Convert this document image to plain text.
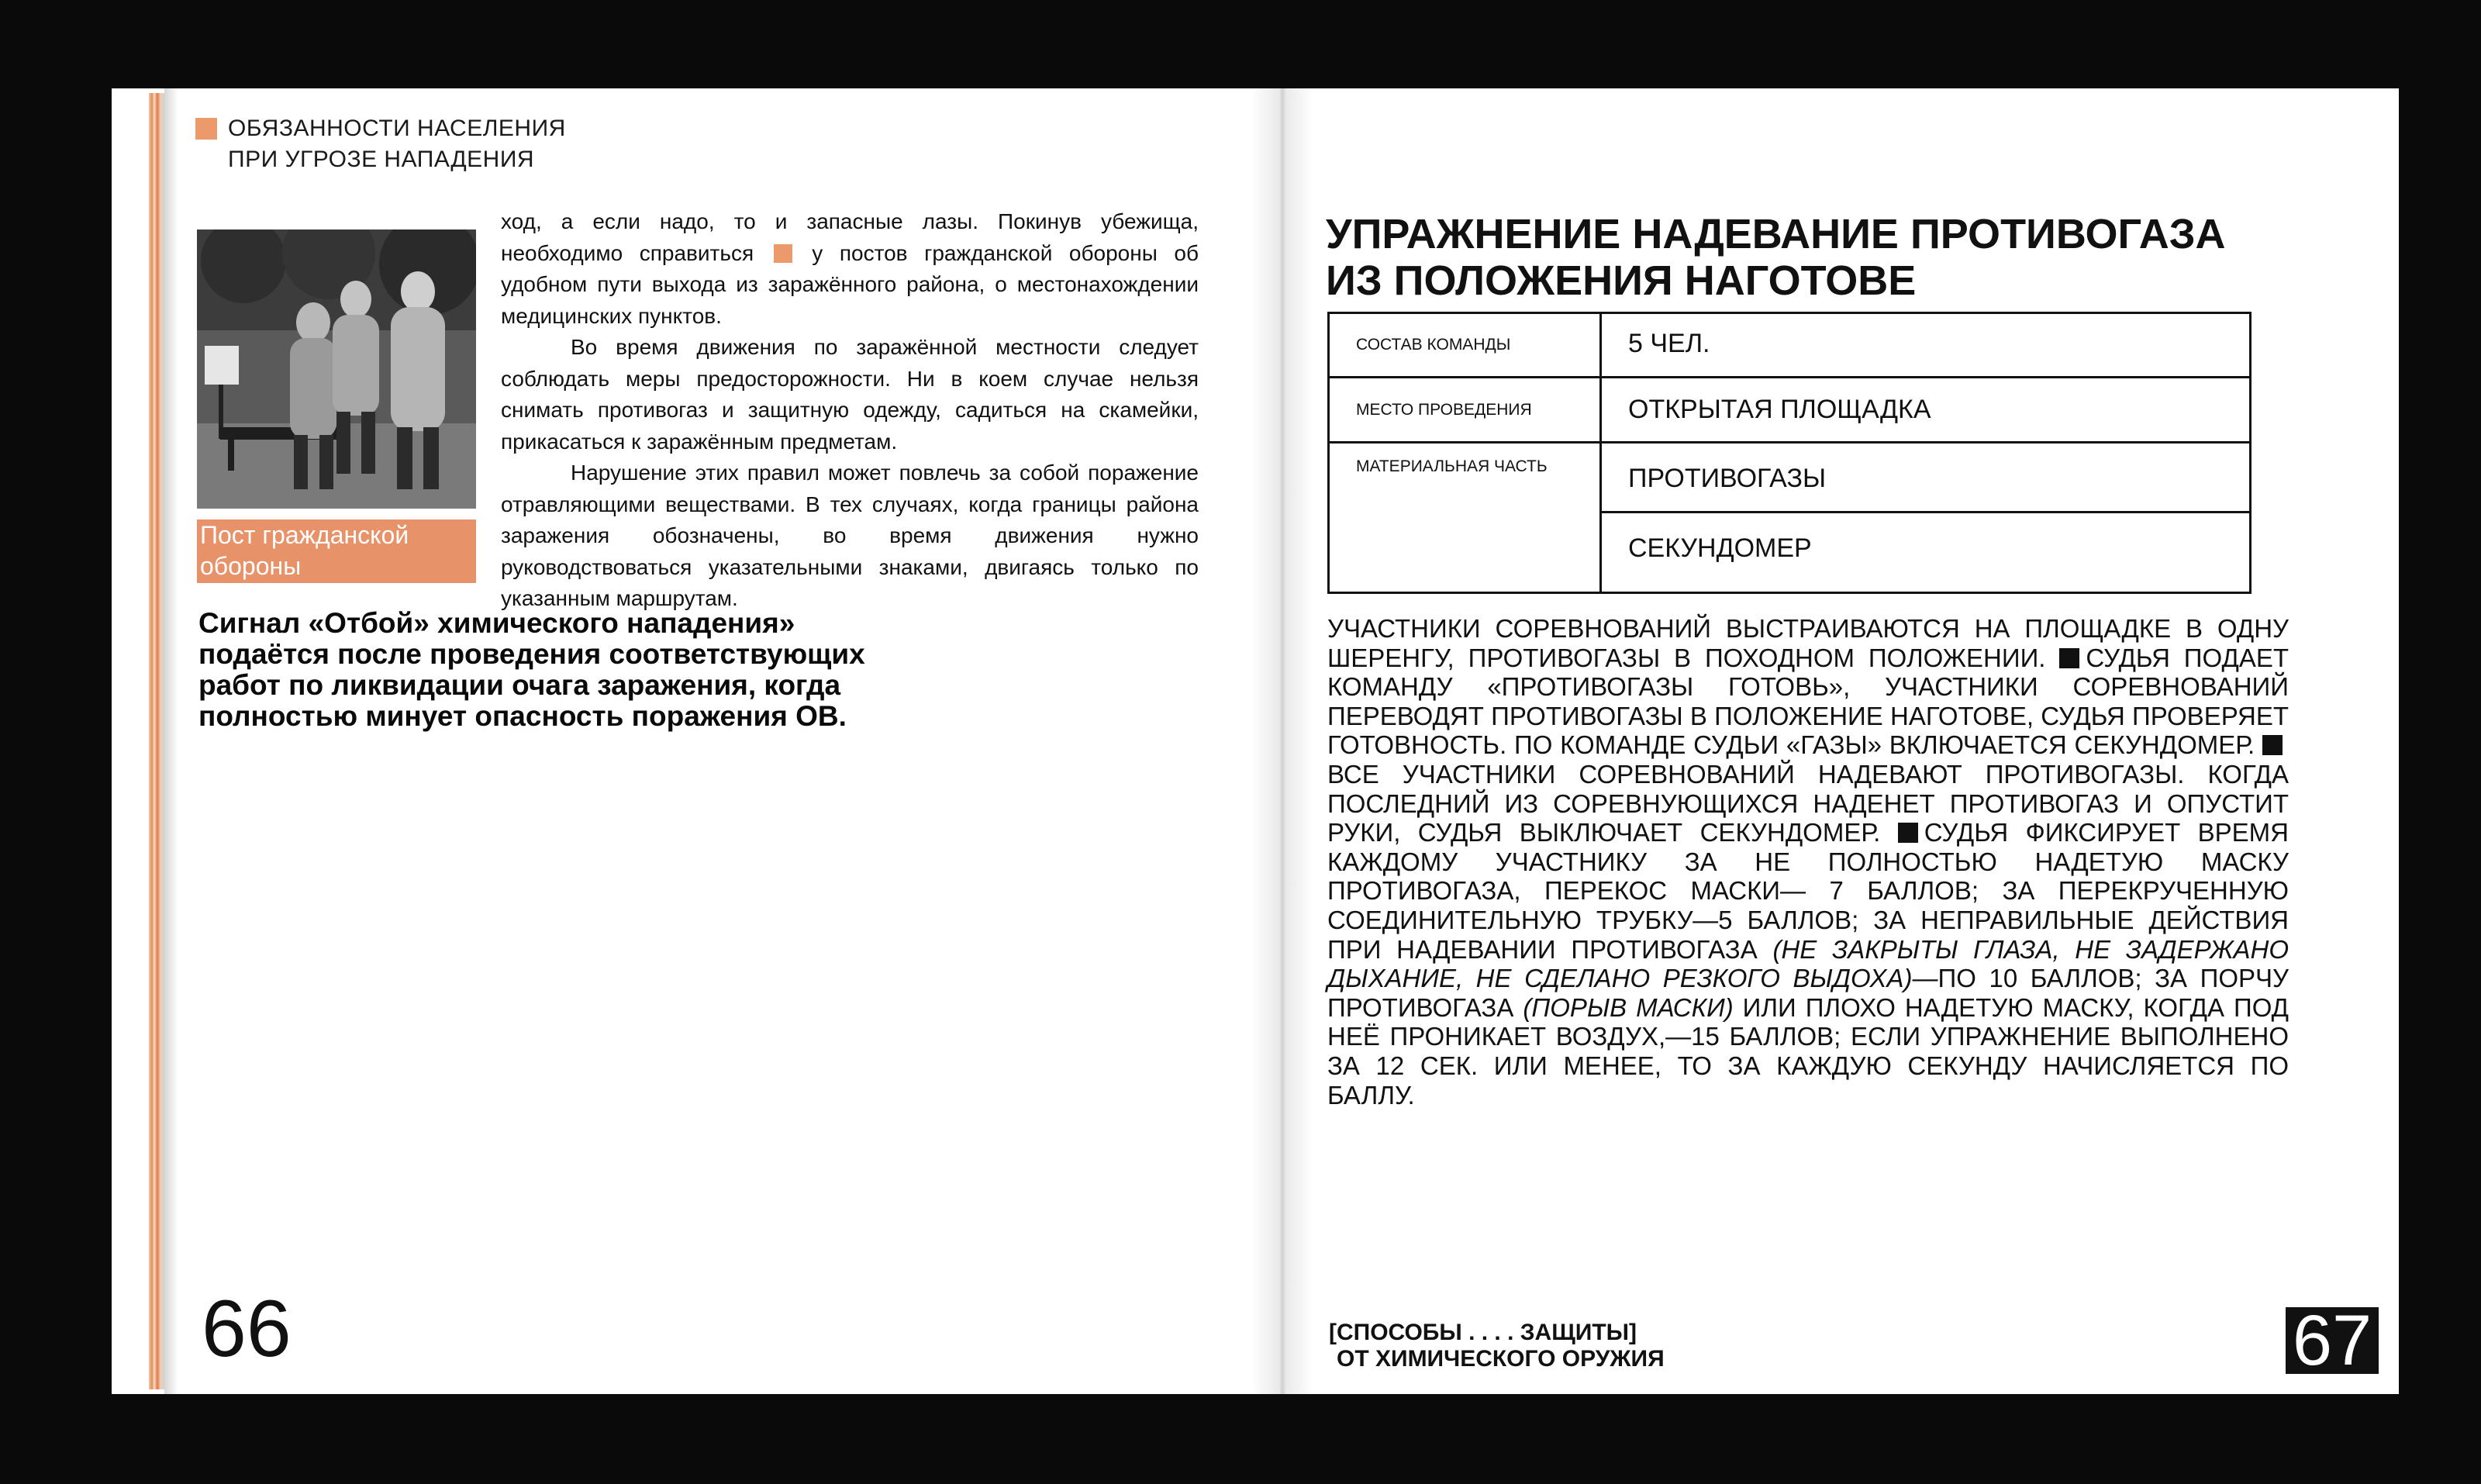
ОБЯЗАННОСТИ НАСЕЛЕНИЯ
ПРИ УГРОЗЕ НАПАДЕНИЯ
Пост гражданской
обороны

ход, а если надо, то и запасные лазы. Покинув убежища, необходимо справиться	у постов гражданской обороны об удобном пути выхода из заражённого района, о местонахождении медицинских пунктов.

Во время движения по заражённой местности следует соблюдать меры предосторожности. Ни в коем случае нельзя снимать противогаз и защитную одежду, садиться на скамейки, прикасаться к заражённым предметам.

Нарушение этих правил может повлечь за собой поражение отравляющими веществами. В тех случаях, когда границы района заражения обозначены, во время движения нужно руководствоваться указательными знаками, двигаясь только по указанным маршрутам.

Сигнал «Отбой» химического нападения»
подаётся после проведения соответствующих
работ по ликвидации очага заражения, когда
полностью минует опасность поражения ОВ.
66
УПРАЖНЕНИЕ НАДЕВАНИЕ ПРОТИВОГАЗА
ИЗ ПОЛОЖЕНИЯ НАГОТОВЕ
СОСТАВ КОМАНДЫ	5 ЧЕЛ.
МЕСТО ПРОВЕДЕНИЯ	ОТКРЫТАЯ ПЛОЩАДКА
МАТЕРИАЛЬНАЯ ЧАСТЬ	ПРОТИВОГАЗЫ
СЕКУНДОМЕР
УЧАСТНИКИ СОРЕВНОВАНИЙ ВЫСТРАИВАЮТСЯ НА ПЛОЩАДКЕ В ОДНУ ШЕРЕНГУ, ПРОТИВОГАЗЫ В ПОХОДНОМ ПОЛОЖЕНИИ. СУДЬЯ ПОДАЕТ КОМАНДУ «ПРОТИВОГАЗЫ ГОТОВЬ», УЧАСТНИКИ СОРЕВНОВАНИЙ ПЕРЕВОДЯТ ПРОТИВОГАЗЫ В ПОЛОЖЕНИЕ НАГОТОВЕ, СУДЬЯ ПРОВЕРЯЕТ ГОТОВНОСТЬ. ПО КОМАНДЕ СУДЬИ «ГАЗЫ» ВКЛЮЧАЕТСЯ СЕКУНДОМЕР. ВСЕ УЧАСТНИКИ СОРЕВНОВАНИЙ НАДЕВАЮТ ПРОТИВОГАЗЫ. КОГДА ПОСЛЕДНИЙ ИЗ СОРЕВНУЮЩИХСЯ НАДЕНЕТ ПРОТИВОГАЗ И ОПУСТИТ РУКИ, СУДЬЯ ВЫКЛЮЧАЕТ СЕКУНДОМЕР. СУДЬЯ ФИКСИРУЕТ ВРЕМЯ КАЖДОМУ УЧАСТНИКУ ЗА НЕ ПОЛНОСТЬЮ НАДЕТУЮ МАСКУ ПРОТИВОГАЗА, ПЕРЕКОС МАСКИ— 7 БАЛЛОВ; ЗА ПЕРЕКРУЧЕННУЮ СОЕДИНИТЕЛЬНУЮ ТРУБКУ—5 БАЛЛОВ; ЗА НЕПРАВИЛЬНЫЕ ДЕЙСТВИЯ ПРИ НАДЕВАНИИ ПРОТИВОГАЗА (НЕ ЗАКРЫТЫ ГЛАЗА, НЕ ЗАДЕРЖАНО ДЫХАНИЕ, НЕ СДЕЛАНО РЕЗКОГО ВЫДОХА)—ПО 10 БАЛЛОВ; ЗА ПОРЧУ ПРОТИВОГАЗА (ПОРЫВ МАСКИ) ИЛИ ПЛОХО НАДЕТУЮ МАСКУ, КОГДА ПОД НЕЁ ПРОНИКАЕТ ВОЗДУХ,—15 БАЛЛОВ; ЕСЛИ УПРАЖНЕНИЕ ВЫПОЛНЕНО ЗА 12 СЕК. ИЛИ МЕНЕЕ, ТО ЗА КАЖДУЮ СЕКУНДУ НАЧИСЛЯЕТСЯ ПО БАЛЛУ.
[СПОСОБЫ . . . . ЗАЩИТЫ]
ОТ ХИМИЧЕСКОГО ОРУЖИЯ	67
